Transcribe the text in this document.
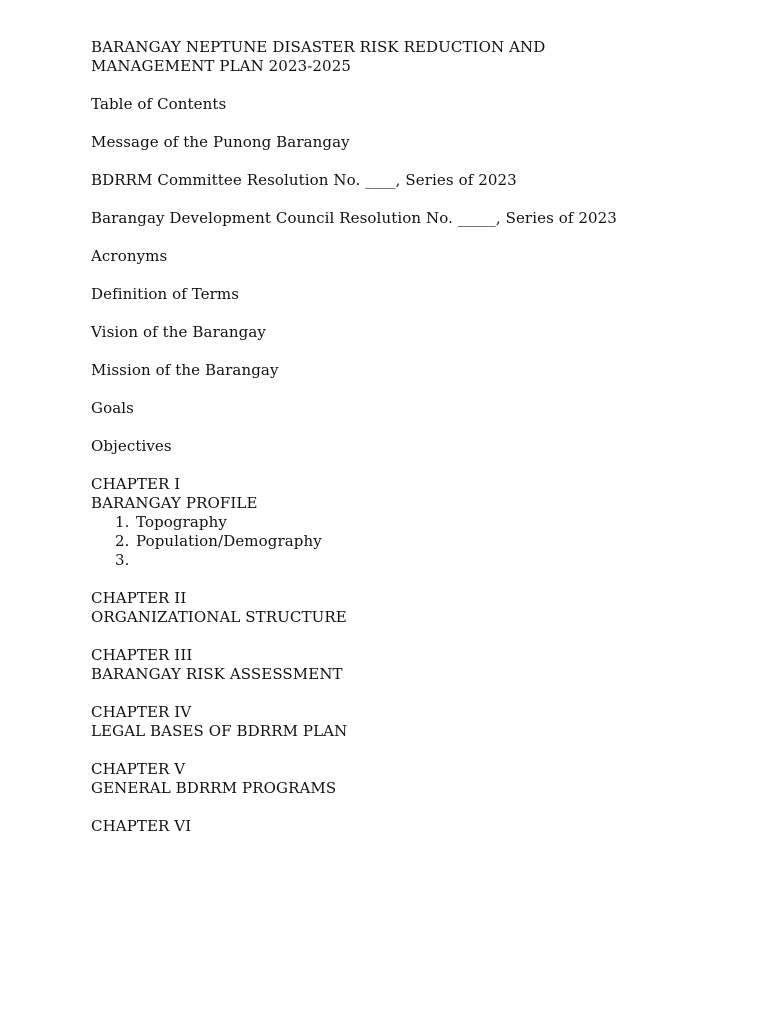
BARANGAY NEPTUNE DISASTER RISK REDUCTION AND
MANAGEMENT PLAN 2023-2025
Table of Contents
Message of the Punong Barangay
BDRRM Committee Resolution No. ____, Series of 2023
Barangay Development Council Resolution No. _____, Series of 2023
Acronyms
Definition of Terms
Vision of the Barangay
Mission of the Barangay
Goals
Objectives
CHAPTER I
BARANGAY PROFILE
1. Topography
2. Population/Demography
3.
CHAPTER II
ORGANIZATIONAL STRUCTURE
CHAPTER III
BARANGAY RISK ASSESSMENT
CHAPTER IV
LEGAL BASES OF BDRRM PLAN
CHAPTER V
GENERAL BDRRM PROGRAMS
CHAPTER VI
